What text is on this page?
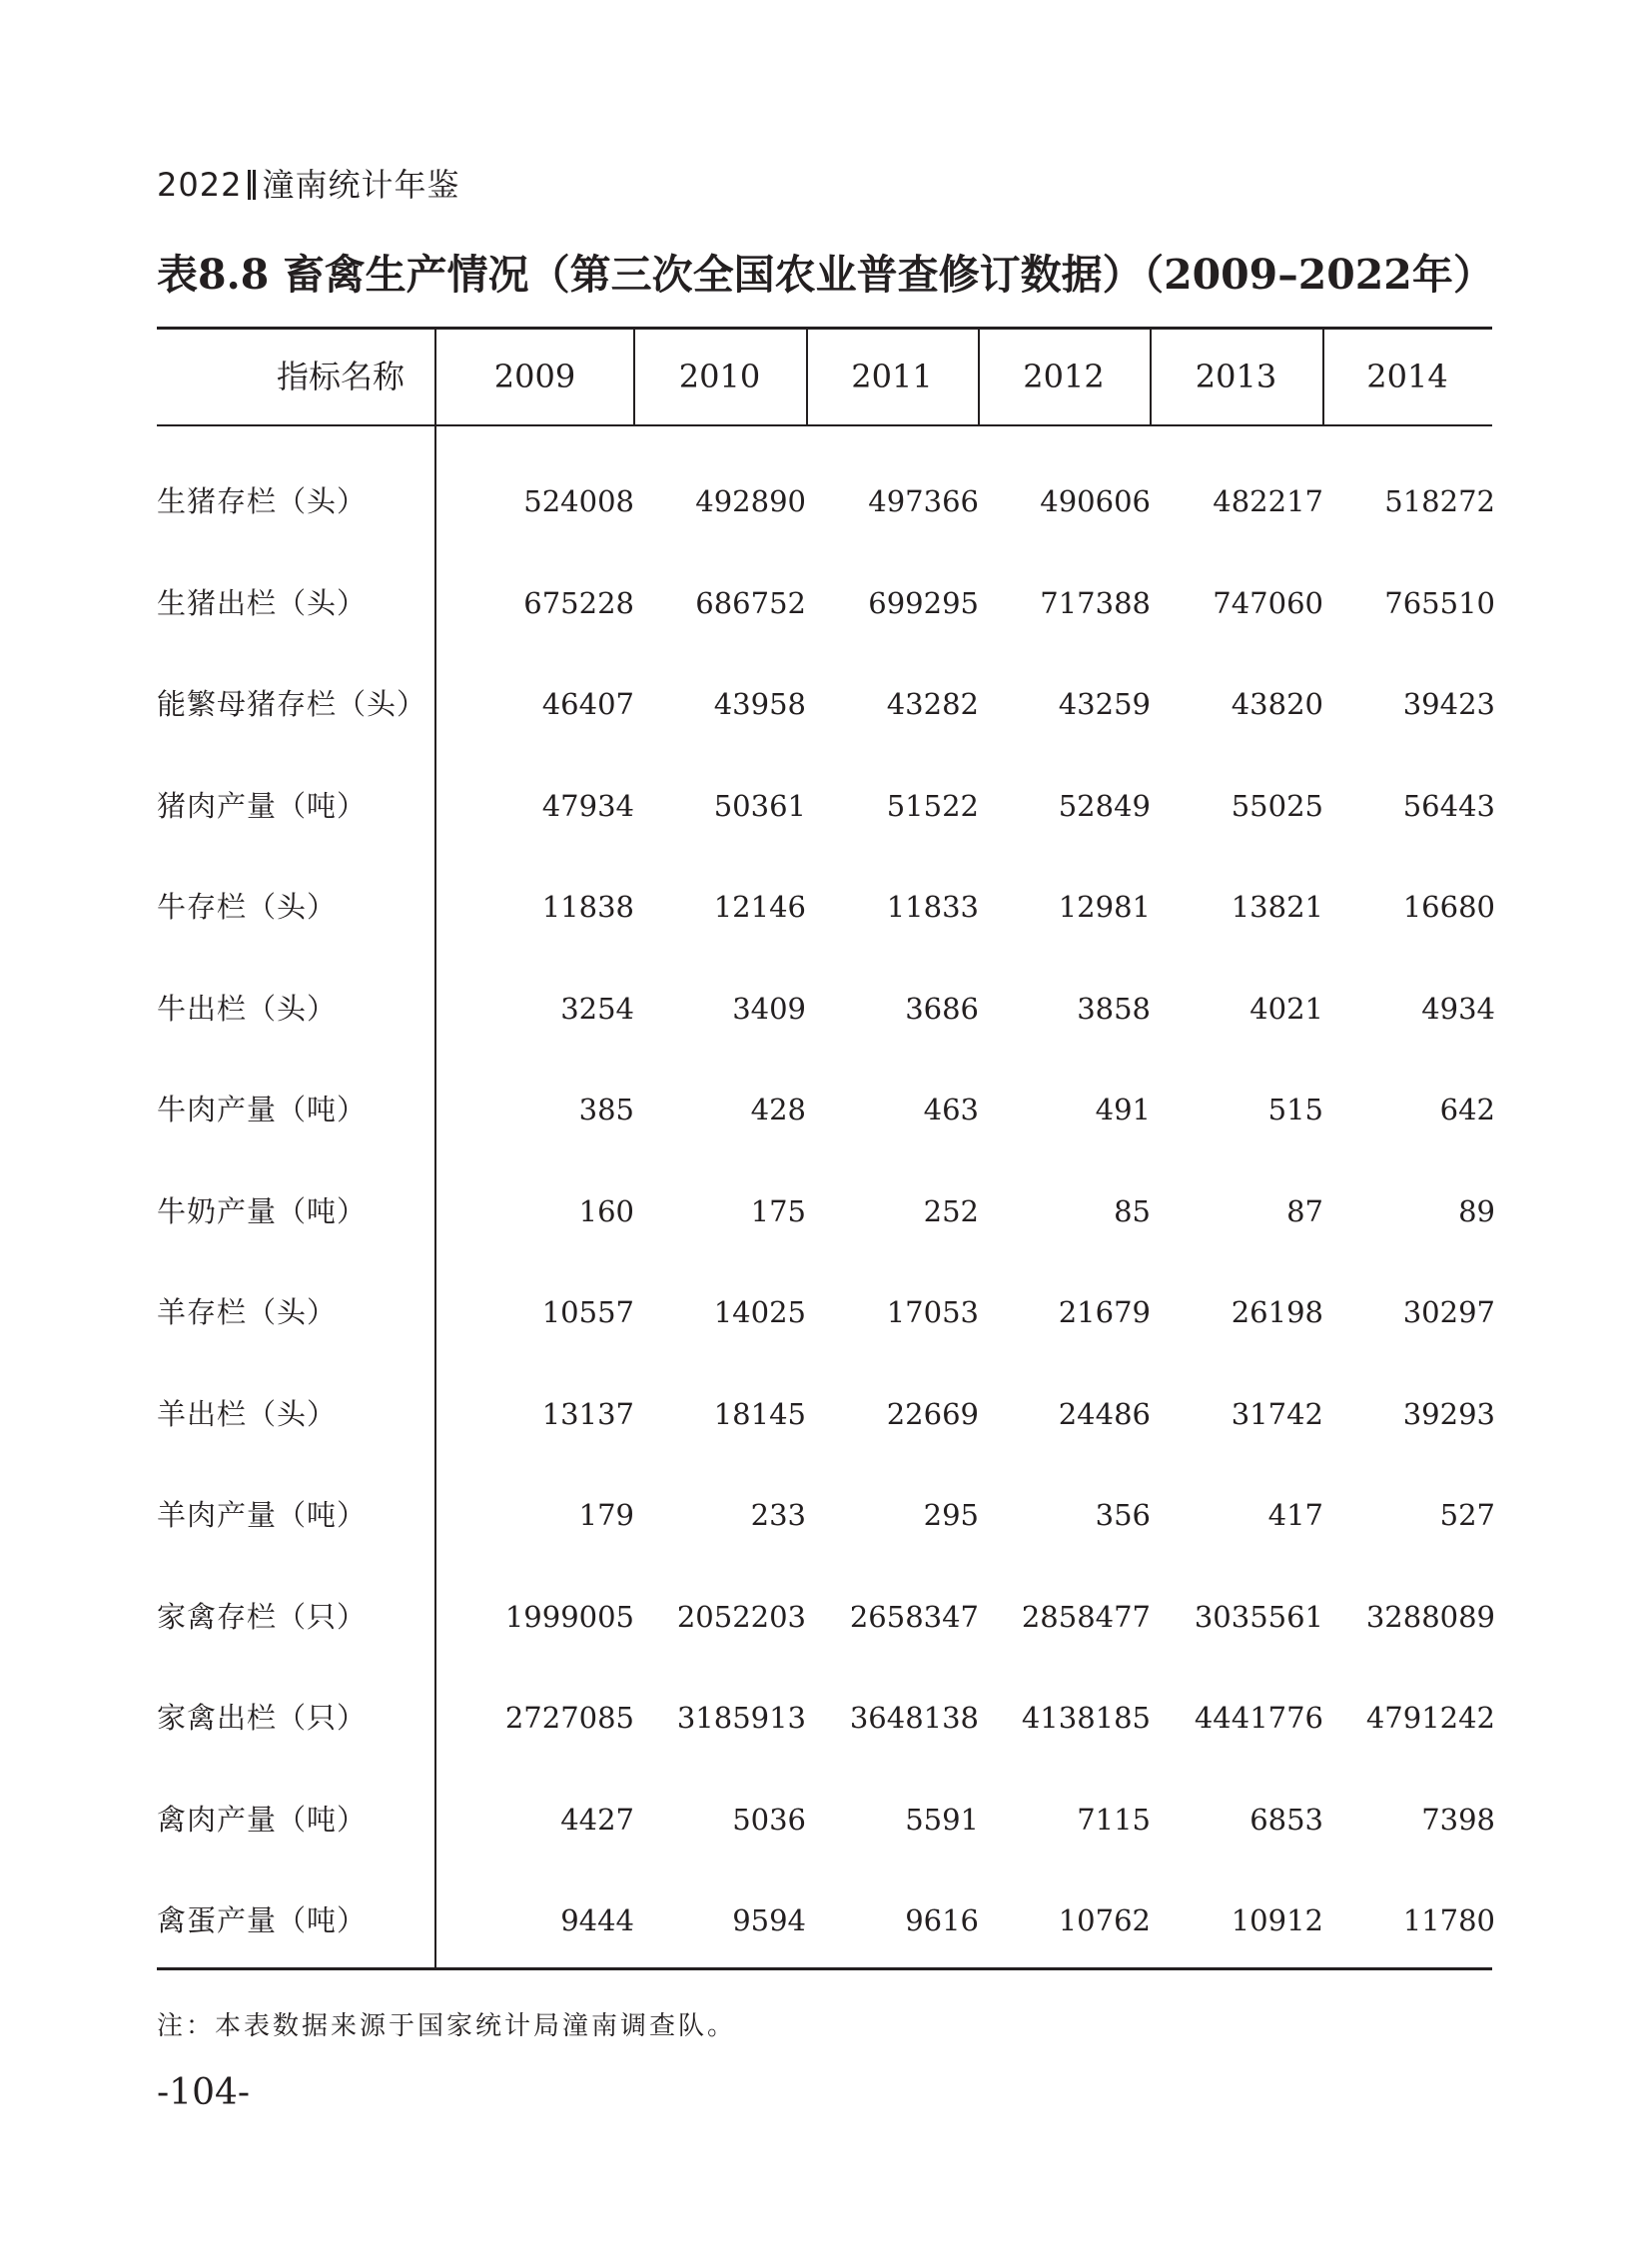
2022 潼南统计年鉴
表8.8 畜禽生产情况（第三次全国农业普查修订数据）（2009–2022年）
指标名称	2009	2010	2011	2012	2013	2014
生猪存栏（头）	524008	492890	497366	490606	482217	518272
生猪出栏（头）	675228	686752	699295	717388	747060	765510
能繁母猪存栏（头）	46407	43958	43282	43259	43820	39423
猪肉产量（吨）	47934	50361	51522	52849	55025	56443
牛存栏（头）	11838	12146	11833	12981	13821	16680
牛出栏（头）	3254	3409	3686	3858	4021	4934
牛肉产量（吨）	385	428	463	491	515	642
牛奶产量（吨）	160	175	252	85	87	89
羊存栏（头）	10557	14025	17053	21679	26198	30297
羊出栏（头）	13137	18145	22669	24486	31742	39293
羊肉产量（吨）	179	233	295	356	417	527
家禽存栏（只）	1999005	2052203	2658347	2858477	3035561	3288089
家禽出栏（只）	2727085	3185913	3648138	4138185	4441776	4791242
禽肉产量（吨）	4427	5036	5591	7115	6853	7398
禽蛋产量（吨）	9444	9594	9616	10762	10912	11780
注：本表数据来源于国家统计局潼南调查队。
-104-
